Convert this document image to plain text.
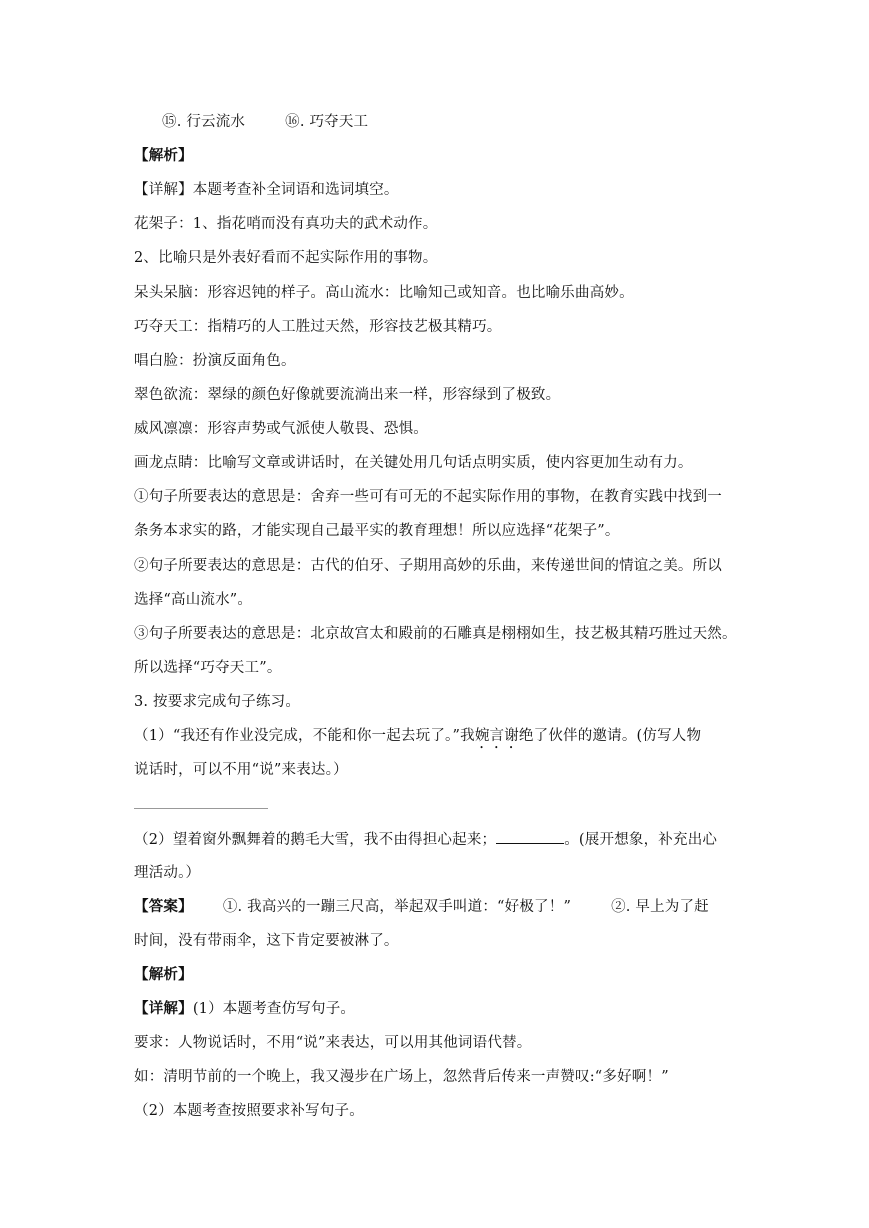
⑮. 行云流水	⑯. 巧夺天工
【解析】
【详解】本题考查补全词语和选词填空。
花架子：1、指花哨而没有真功夫的武术动作。
2、比喻只是外表好看而不起实际作用的事物。
呆头呆脑：形容迟钝的样子。高山流水：比喻知己或知音。也比喻乐曲高妙。
巧夺天工：指精巧的人工胜过天然，形容技艺极其精巧。
唱白脸：扮演反面角色。
翠色欲流：翠绿的颜色好像就要流淌出来一样，形容绿到了极致。
威风凛凛：形容声势或气派使人敬畏、恐惧。
画龙点睛：比喻写文章或讲话时，在关键处用几句话点明实质，使内容更加生动有力。
①句子所要表达的意思是：舍弃一些可有可无的不起实际作用的事物，在教育实践中找到一
条务本求实的路，才能实现自己最平实的教育理想！所以应选择“花架子”。
②句子所要表达的意思是：古代的伯牙、子期用高妙的乐曲，来传递世间的情谊之美。所以
选择“高山流水”。
③句子所要表达的意思是：北京故宫太和殿前的石雕真是栩栩如生，技艺极其精巧胜过天然。
所以选择“巧夺天工”。
3. 按要求完成句子练习。
（1）“我还有作业没完成，不能和你一起去玩了。”我婉言谢绝了伙伴的邀请。(仿写人物
说话时，可以不用“说”来表达。）
（2）望着窗外飘舞着的鹅毛大雪，我不由得担心起来；	。(展开想象，补充出心
理活动。）
【答案】 ①. 我高兴的一蹦三尺高，举起双手叫道：“好极了！”	②. 早上为了赶
时间，没有带雨伞，这下肯定要被淋了。
【解析】
【详解】(1）本题考查仿写句子。
要求：人物说话时，不用“说”来表达，可以用其他词语代替。
如：清明节前的一个晚上，我又漫步在广场上，忽然背后传来一声赞叹:“多好啊！”
（2）本题考查按照要求补写句子。
